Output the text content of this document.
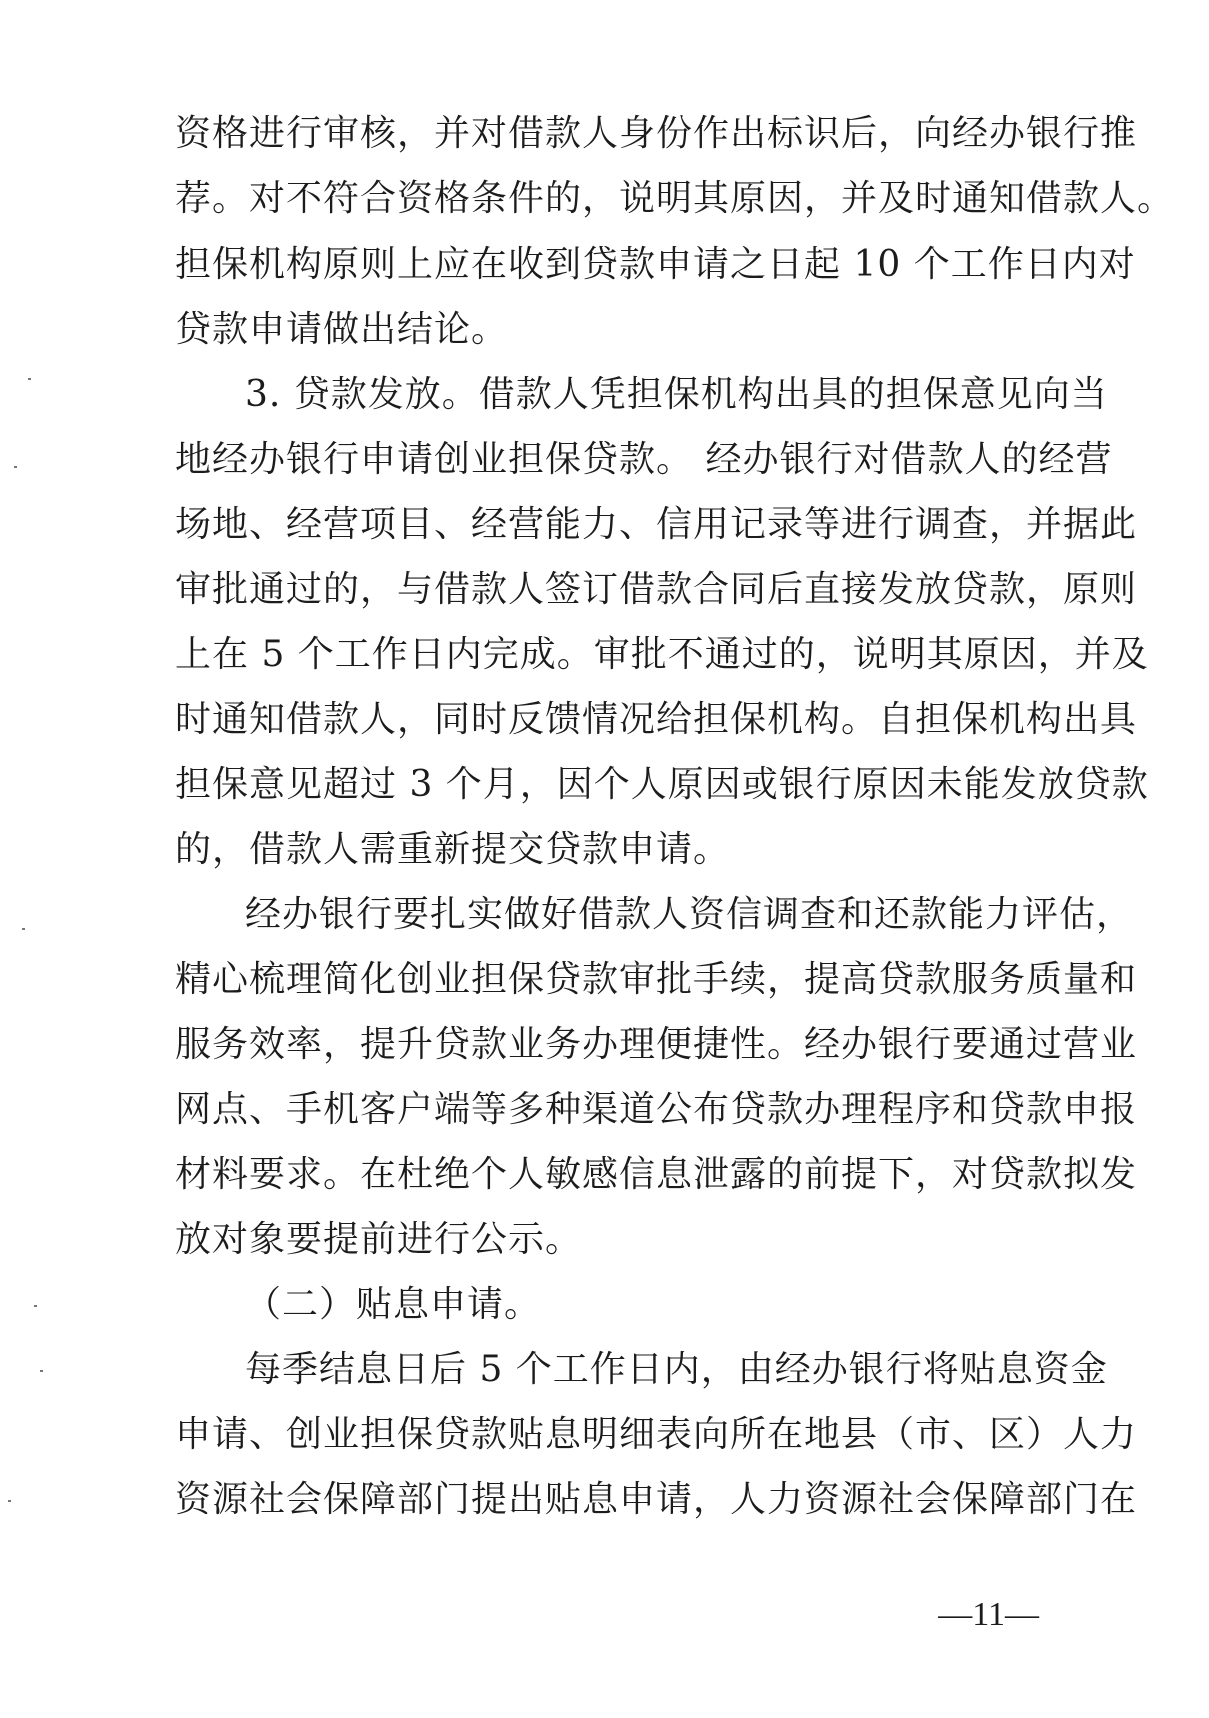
资格进行审核，并对借款人身份作出标识后，向经办银行推
荐。对不符合资格条件的，说明其原因，并及时通知借款人。
担保机构原则上应在收到贷款申请之日起 10 个工作日内对
贷款申请做出结论。
3. 贷款发放。借款人凭担保机构出具的担保意见向当
地经办银行申请创业担保贷款。 经办银行对借款人的经营
场地、经营项目、经营能力、信用记录等进行调查，并据此
审批通过的，与借款人签订借款合同后直接发放贷款，原则
上在 5 个工作日内完成。审批不通过的，说明其原因，并及
时通知借款人，同时反馈情况给担保机构。自担保机构出具
担保意见超过 3 个月，因个人原因或银行原因未能发放贷款
的，借款人需重新提交贷款申请。
经办银行要扎实做好借款人资信调查和还款能力评估，
精心梳理简化创业担保贷款审批手续，提高贷款服务质量和
服务效率，提升贷款业务办理便捷性。经办银行要通过营业
网点、手机客户端等多种渠道公布贷款办理程序和贷款申报
材料要求。在杜绝个人敏感信息泄露的前提下，对贷款拟发
放对象要提前进行公示。
（二）贴息申请。
每季结息日后 5 个工作日内，由经办银行将贴息资金
申请、创业担保贷款贴息明细表向所在地县（市、区）人力
资源社会保障部门提出贴息申请，人力资源社会保障部门在
—11—
